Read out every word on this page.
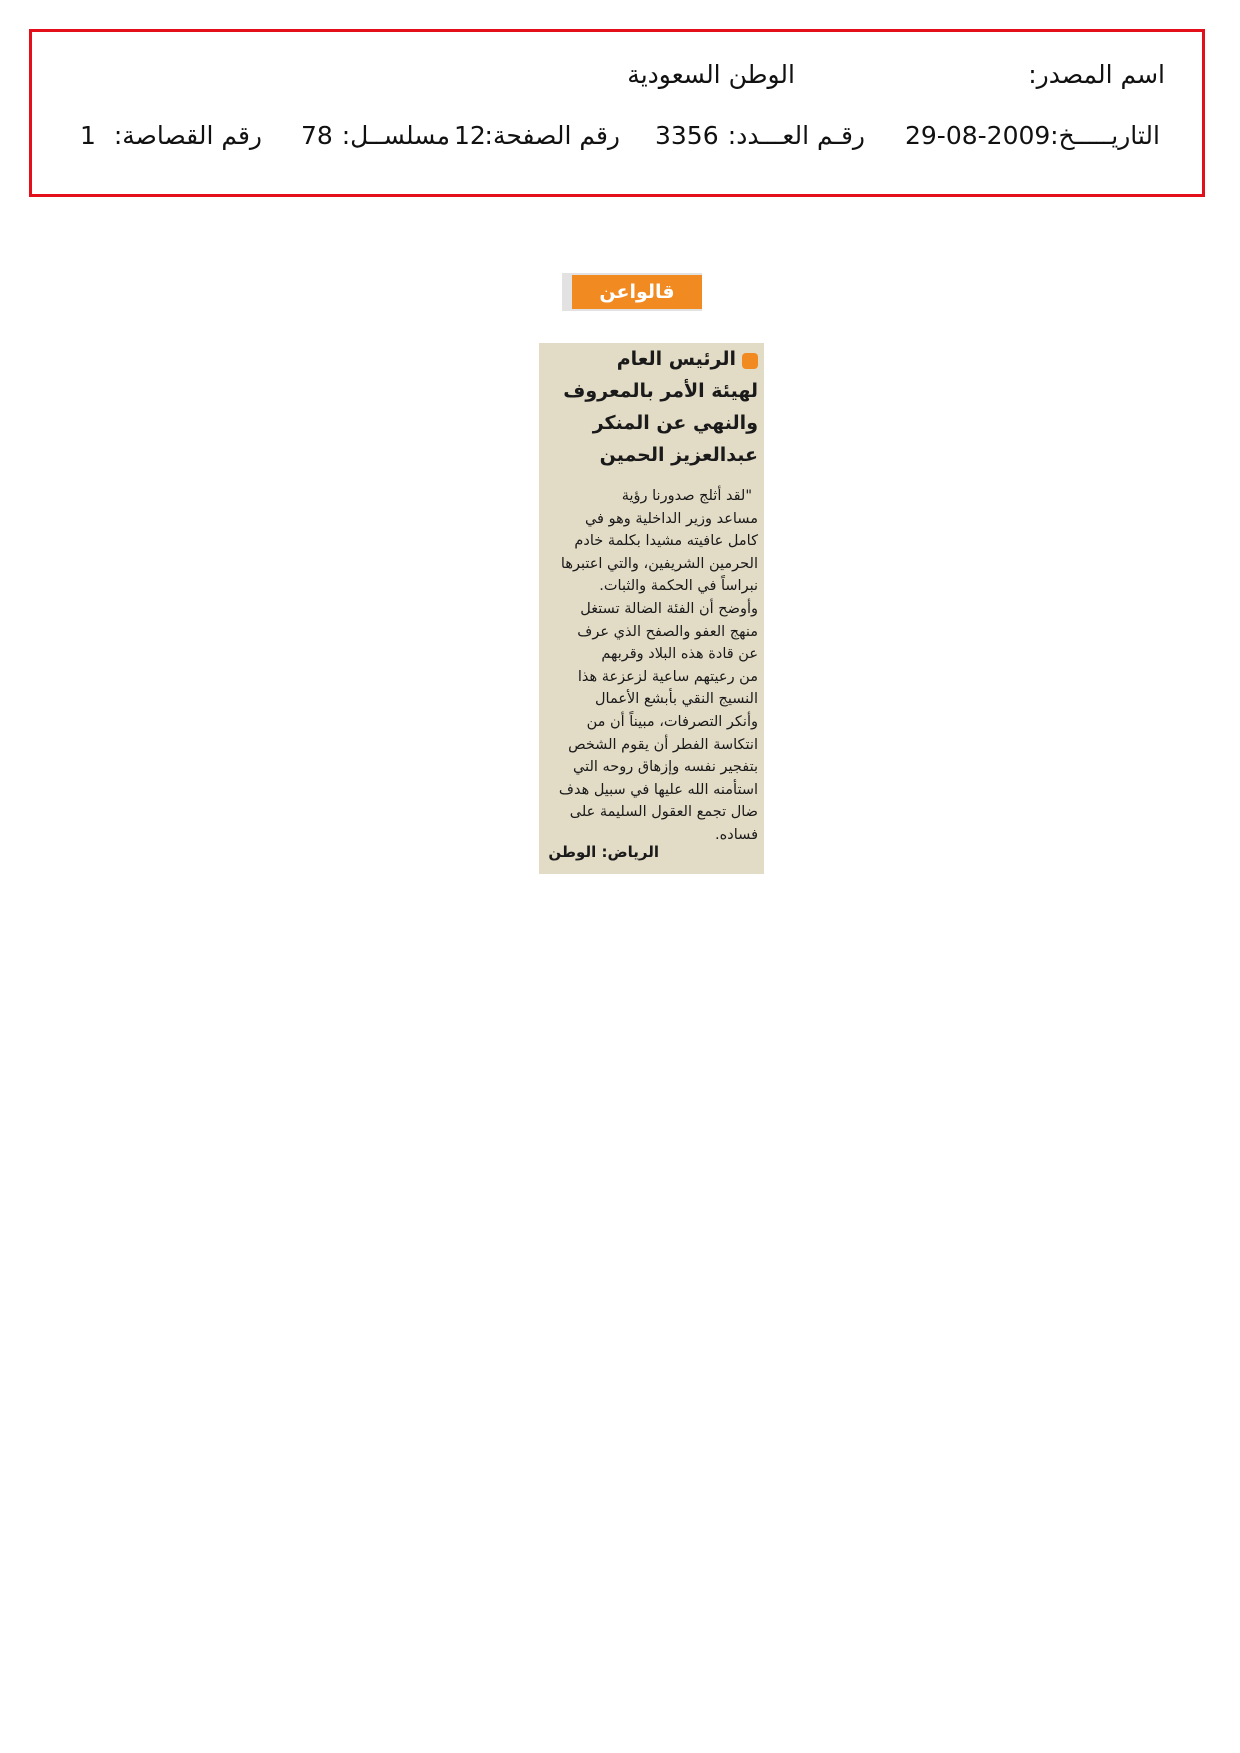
اسم المصدر:
الوطن السعودية
التاريـــــخ:
29-08-2009
رقـم العـــدد:
3356
رقم الصفحة:
12
مسلســل:
78
رقم القصاصة:
1
قالواعن الحدث
الرئيس العام
لهيئة الأمر بالمعروف
والنهي عن المنكر
عبدالعزيز الحمين
"لقد أثلج صدورنا رؤية
مساعد وزير الداخلية وهو في
كامل عافيته مشيدا بكلمة خادم
الحرمين الشريفين، والتي اعتبرها
نبراساً في الحكمة والثبات.
وأوضح أن الفئة الضالة تستغل
منهج العفو والصفح الذي عرف
عن قادة هذه البلاد وقربهم
من رعيتهم ساعية لزعزعة هذا
النسيج النقي بأبشع الأعمال
وأنكر التصرفات، مبيناً أن من
انتكاسة الفطر أن يقوم الشخص
بتفجير نفسه وإزهاق روحه التي
استأمنه الله عليها في سبيل هدف
ضال تجمع العقول السليمة على
فساده.
الرياض: الوطن
